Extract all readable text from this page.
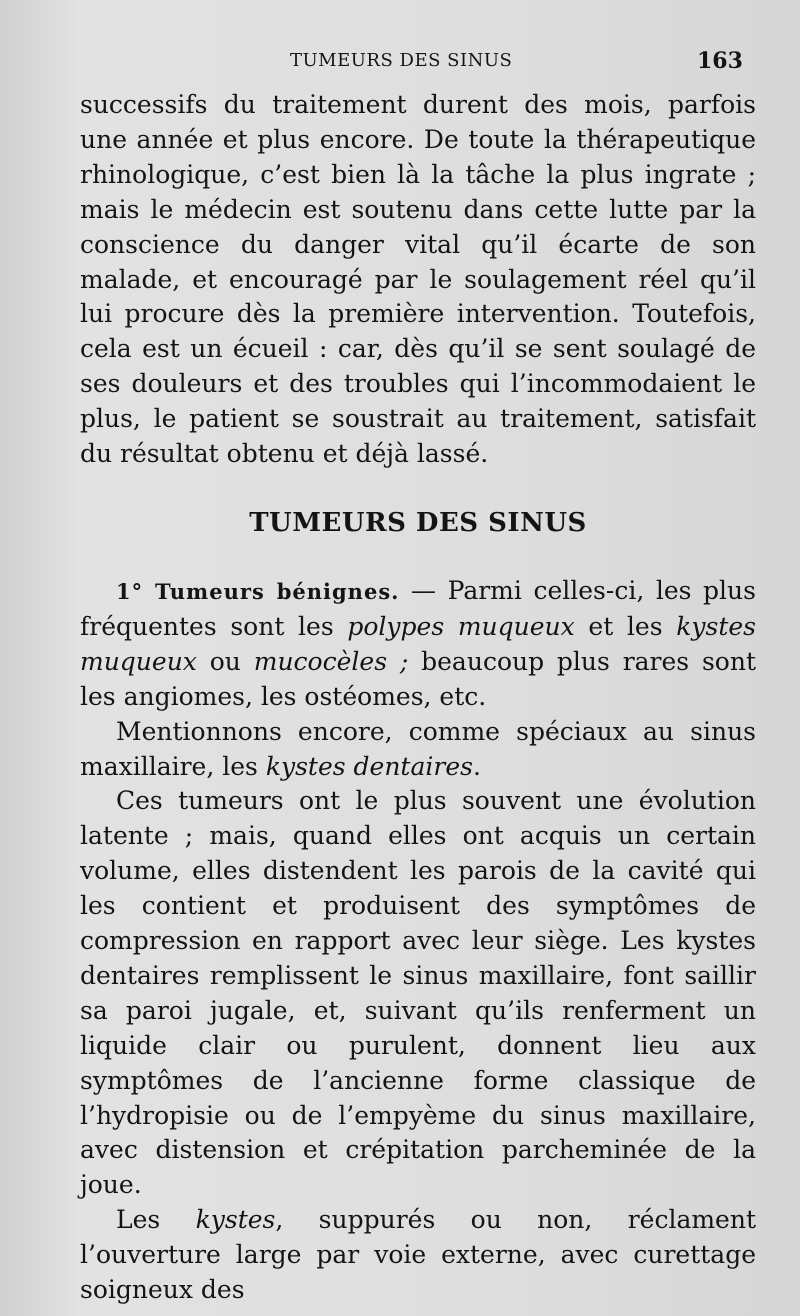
TUMEURS DES SINUS	163

successifs du traitement durent des mois, parfois une année et plus encore. De toute la thérapeutique rhinologique, c’est bien là la tâche la plus ingrate ; mais le médecin est soutenu dans cette lutte par la conscience du danger vital qu’il écarte de son malade, et encouragé par le soulagement réel qu’il lui procure dès la première intervention. Toutefois, cela est un écueil : car, dès qu’il se sent soulagé de ses douleurs et des troubles qui l’incommodaient le plus, le patient se soustrait au traitement, satisfait du résultat obtenu et déjà lassé.

TUMEURS DES SINUS

1° Tumeurs bénignes. — Parmi celles-ci, les plus fréquentes sont les polypes muqueux et les kystes muqueux ou mucocèles ; beaucoup plus rares sont les angiomes, les ostéomes, etc.

Mentionnons encore, comme spéciaux au sinus maxillaire, les kystes dentaires.

Ces tumeurs ont le plus souvent une évolution latente ; mais, quand elles ont acquis un certain volume, elles distendent les parois de la cavité qui les contient et produisent des symptômes de compression en rapport avec leur siège. Les kystes dentaires remplissent le sinus maxillaire, font saillir sa paroi jugale, et, suivant qu’ils renferment un liquide clair ou purulent, donnent lieu aux symptômes de l’ancienne forme classique de l’hydropisie ou de l’empyème du sinus maxillaire, avec distension et crépitation parcheminée de la joue.

Les kystes, suppurés ou non, réclament l’ouverture large par voie externe, avec curettage soigneux des
